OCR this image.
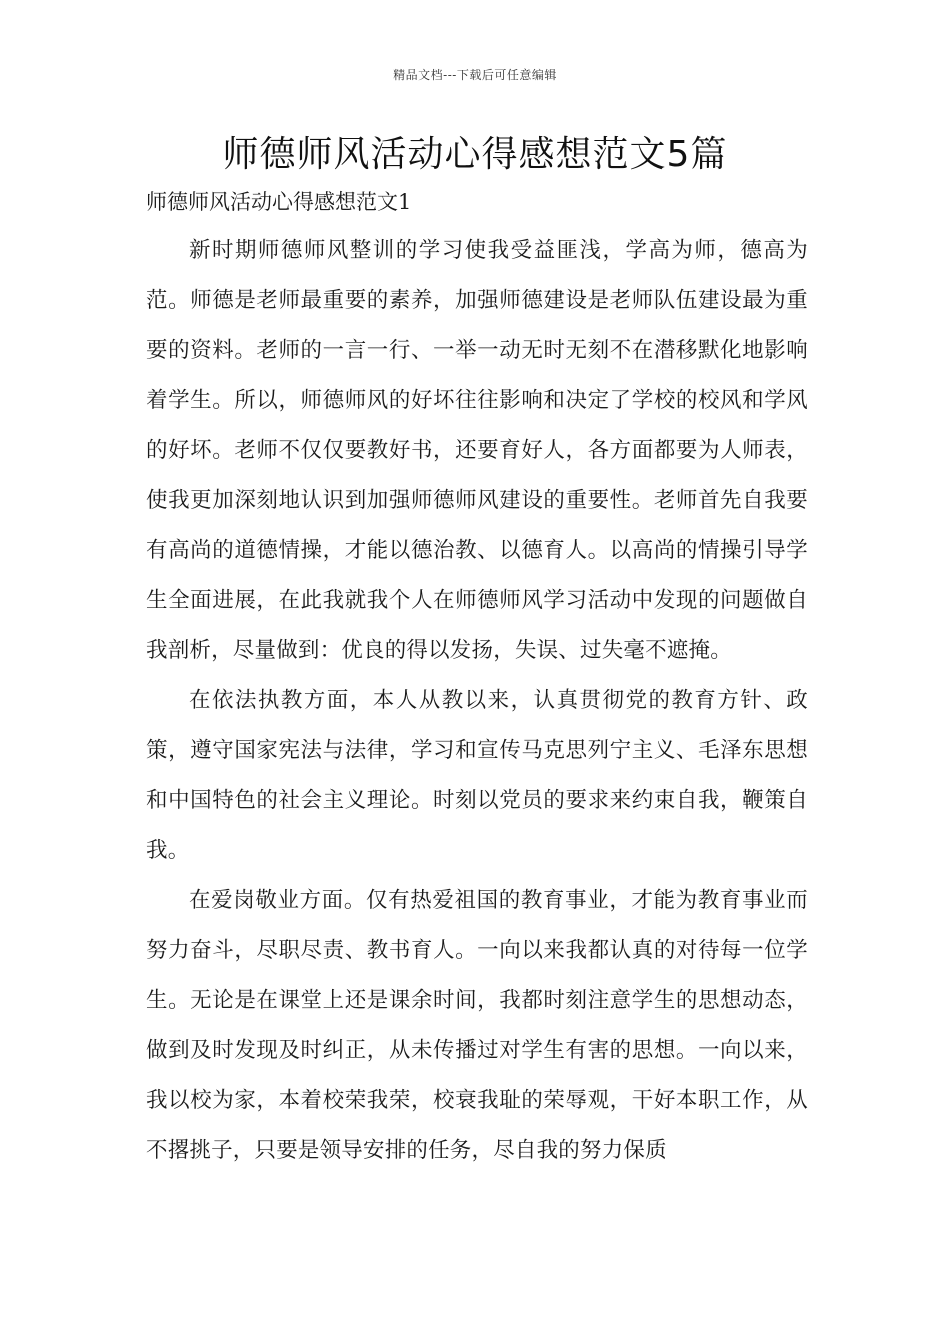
精品文档---下载后可任意编辑
师德师风活动心得感想范文5篇
师德师风活动心得感想范文1

新时期师德师风整训的学习使我受益匪浅，学高为师，德高为范。师德是老师最重要的素养，加强师德建设是老师队伍建设最为重要的资料。老师的一言一行、一举一动无时无刻不在潜移默化地影响着学生。所以，师德师风的好坏往往影响和决定了学校的校风和学风的好坏。老师不仅仅要教好书，还要育好人，各方面都要为人师表，使我更加深刻地认识到加强师德师风建设的重要性。老师首先自我要有高尚的道德情操，才能以德治教、以德育人。以高尚的情操引导学生全面进展，在此我就我个人在师德师风学习活动中发现的问题做自我剖析，尽量做到：优良的得以发扬，失误、过失毫不遮掩。

在依法执教方面，本人从教以来，认真贯彻党的教育方针、政策，遵守国家宪法与法律，学习和宣传马克思列宁主义、毛泽东思想和中国特色的社会主义理论。时刻以党员的要求来约束自我，鞭策自我。

在爱岗敬业方面。仅有热爱祖国的教育事业，才能为教育事业而努力奋斗，尽职尽责、教书育人。一向以来我都认真的对待每一位学生。无论是在课堂上还是课余时间，我都时刻注意学生的思想动态，做到及时发现及时纠正，从未传播过对学生有害的思想。一向以来，我以校为家，本着校荣我荣，校衰我耻的荣辱观，干好本职工作，从不撂挑子，只要是领导安排的任务，尽自我的努力保质
